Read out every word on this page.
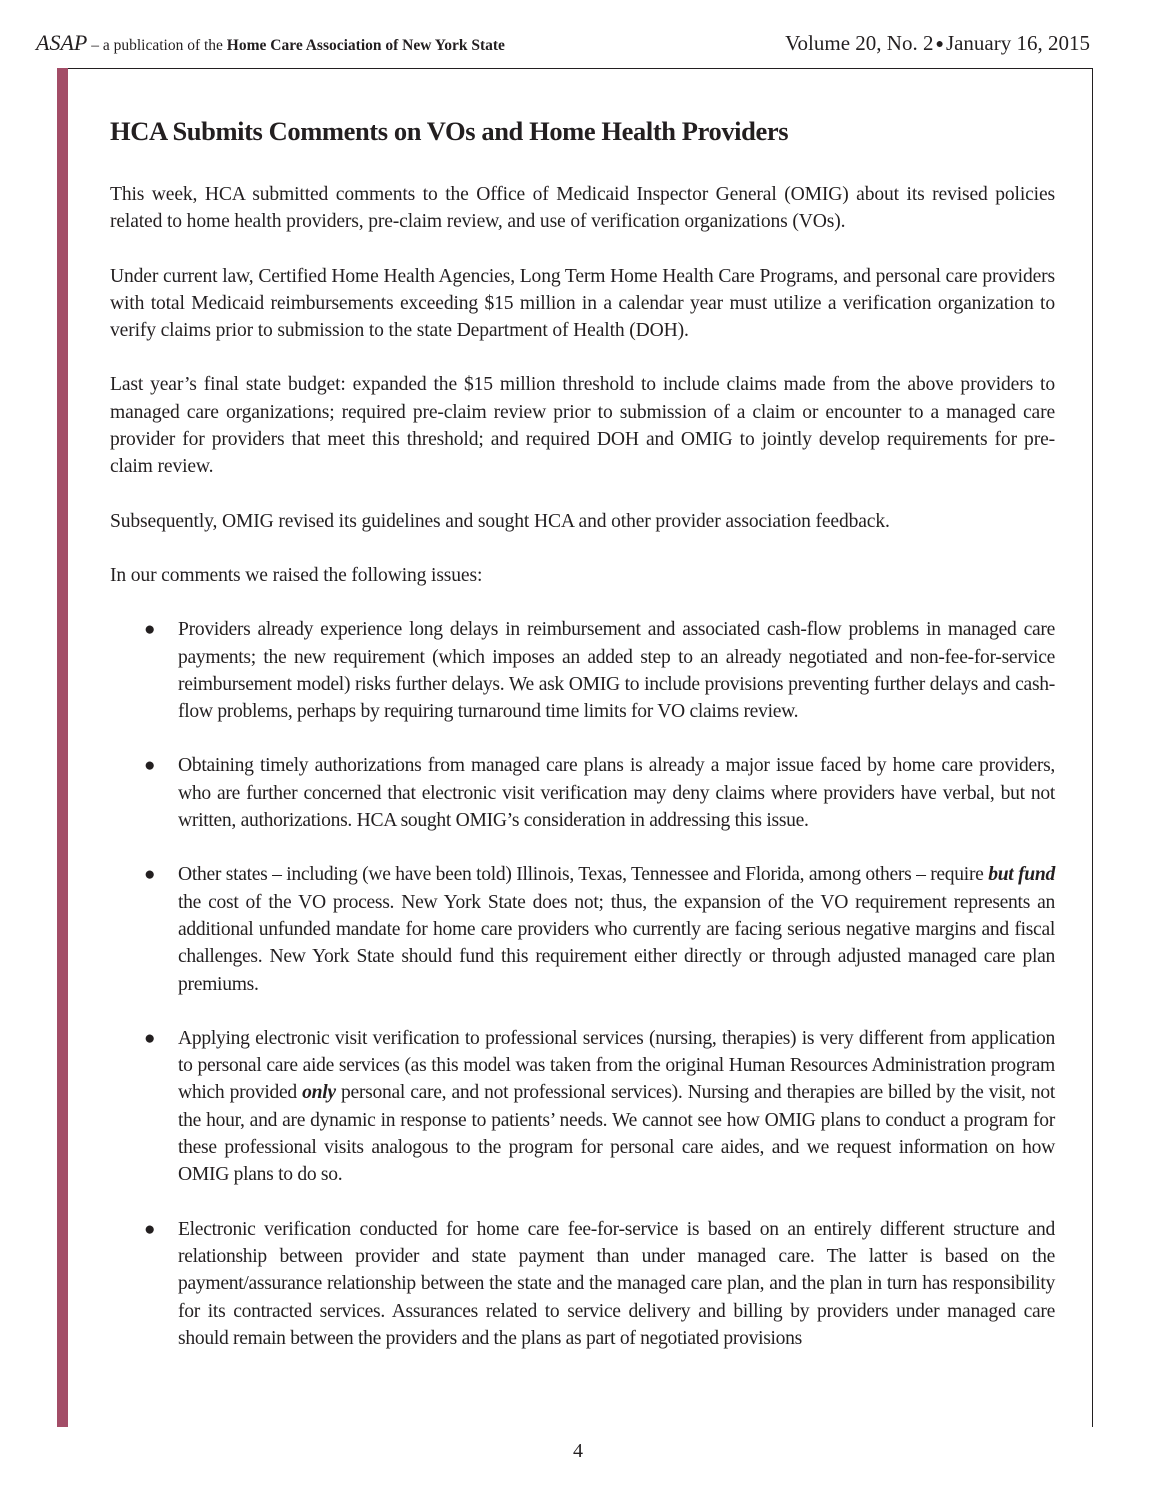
ASAP – a publication of the Home Care Association of New York State	Volume 20, No. 2 ●January 16, 2015
HCA Submits Comments on VOs and Home Health Providers

This week, HCA submitted comments to the Office of Medicaid Inspector General (OMIG) about its revised policies related to home health providers, pre-claim review, and use of verification organizations (VOs).

Under current law, Certified Home Health Agencies, Long Term Home Health Care Programs, and personal care providers with total Medicaid reimbursements exceeding $15 million in a calendar year must utilize a verification organization to verify claims prior to submission to the state Department of Health (DOH).

Last year’s final state budget: expanded the $15 million threshold to include claims made from the above providers to managed care organizations; required pre-claim review prior to submission of a claim or encounter to a managed care provider for providers that meet this threshold; and required DOH and OMIG to jointly develop requirements for pre-claim review.

Subsequently, OMIG revised its guidelines and sought HCA and other provider association feedback.

In our comments we raised the following issues:

● Providers already experience long delays in reimbursement and associated cash-flow problems in managed care payments; the new requirement (which imposes an added step to an already negotiated and non-fee-for-service reimbursement model) risks further delays. We ask OMIG to include provisions preventing further delays and cash-flow problems, perhaps by requiring turnaround time limits for VO claims review.
● Obtaining timely authorizations from managed care plans is already a major issue faced by home care providers, who are further concerned that electronic visit verification may deny claims where providers have verbal, but not written, authorizations. HCA sought OMIG’s consideration in addressing this issue.
● Other states – including (we have been told) Illinois, Texas, Tennessee and Florida, among others – require but fund the cost of the VO process. New York State does not; thus, the expansion of the VO requirement represents an additional unfunded mandate for home care providers who currently are facing serious negative margins and fiscal challenges. New York State should fund this requirement either directly or through adjusted managed care plan premiums.
● Applying electronic visit verification to professional services (nursing, therapies) is very different from application to personal care aide services (as this model was taken from the original Human Resources Administration program which provided only personal care, and not professional services). Nursing and therapies are billed by the visit, not the hour, and are dynamic in response to patients’ needs. We cannot see how OMIG plans to conduct a program for these professional visits analogous to the program for personal care aides, and we request information on how OMIG plans to do so.
● Electronic verification conducted for home care fee-for-service is based on an entirely different structure and relationship between provider and state payment than under managed care. The latter is based on the payment/assurance relationship between the state and the managed care plan, and the plan in turn has responsibility for its contracted services. Assurances related to service delivery and billing by providers under managed care should remain between the providers and the plans as part of negotiated provisions
4
